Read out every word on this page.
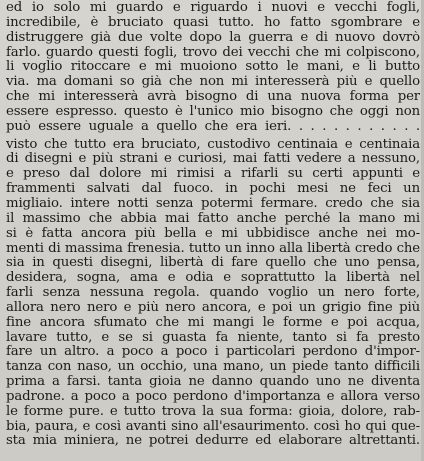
ed io solo mi guardo e riguardo i nuovi e vecchi fogli,
incredibile, è bruciato quasi tutto. ho fatto sgombrare e
distruggere già due volte dopo la guerra e di nuovo dovrò
farlo. guardo questi fogli, trovo dei vecchi che mi colpiscono,
li voglio ritoccare e mi muoiono sotto le mani, e li butto
via. ma domani so già che non mi interesserà più e quello
che mi interesserà avrà bisogno di una nuova forma per
essere espresso. questo è l'unico mio bisogno che oggi non
può essere uguale a quello che era ieri. . . . . . . . . . . .
visto che tutto era bruciato, custodivo centinaia e centinaia
di disegni e più strani e curiosi, mai fatti vedere a nessuno,
e preso dal dolore mi rimisi a rifarli su certi appunti e
frammenti salvati dal fuoco. in pochi mesi ne feci un
migliaio. intere notti senza potermi fermare. credo che sia
il massimo che abbia mai fatto anche perché la mano mi
si è fatta ancora più bella e mi ubbidisce anche nei mo-
menti di massima frenesia. tutto un inno alla libertà credo che
sia in questi disegni, libertà di fare quello che uno pensa,
desidera, sogna, ama e odia e soprattutto la libertà nel
farli senza nessuna regola. quando voglio un nero forte,
allora nero nero e più nero ancora, e poi un grigio fine più
fine ancora sfumato che mi mangi le forme e poi acqua,
lavare tutto, e se si guasta fa niente, tanto si fa presto
fare un altro. a poco a poco i particolari perdono d'impor-
tanza con naso, un occhio, una mano, un piede tanto difficili
prima a farsi. tanta gioia ne danno quando uno ne diventa
padrone. a poco a poco perdono d'importanza e allora verso
le forme pure. e tutto trova la sua forma: gioia, dolore, rab-
bia, paura, e così avanti sino all'esaurimento. così ho qui que-
sta mia miniera, ne potrei dedurre ed elaborare altrettanti.
